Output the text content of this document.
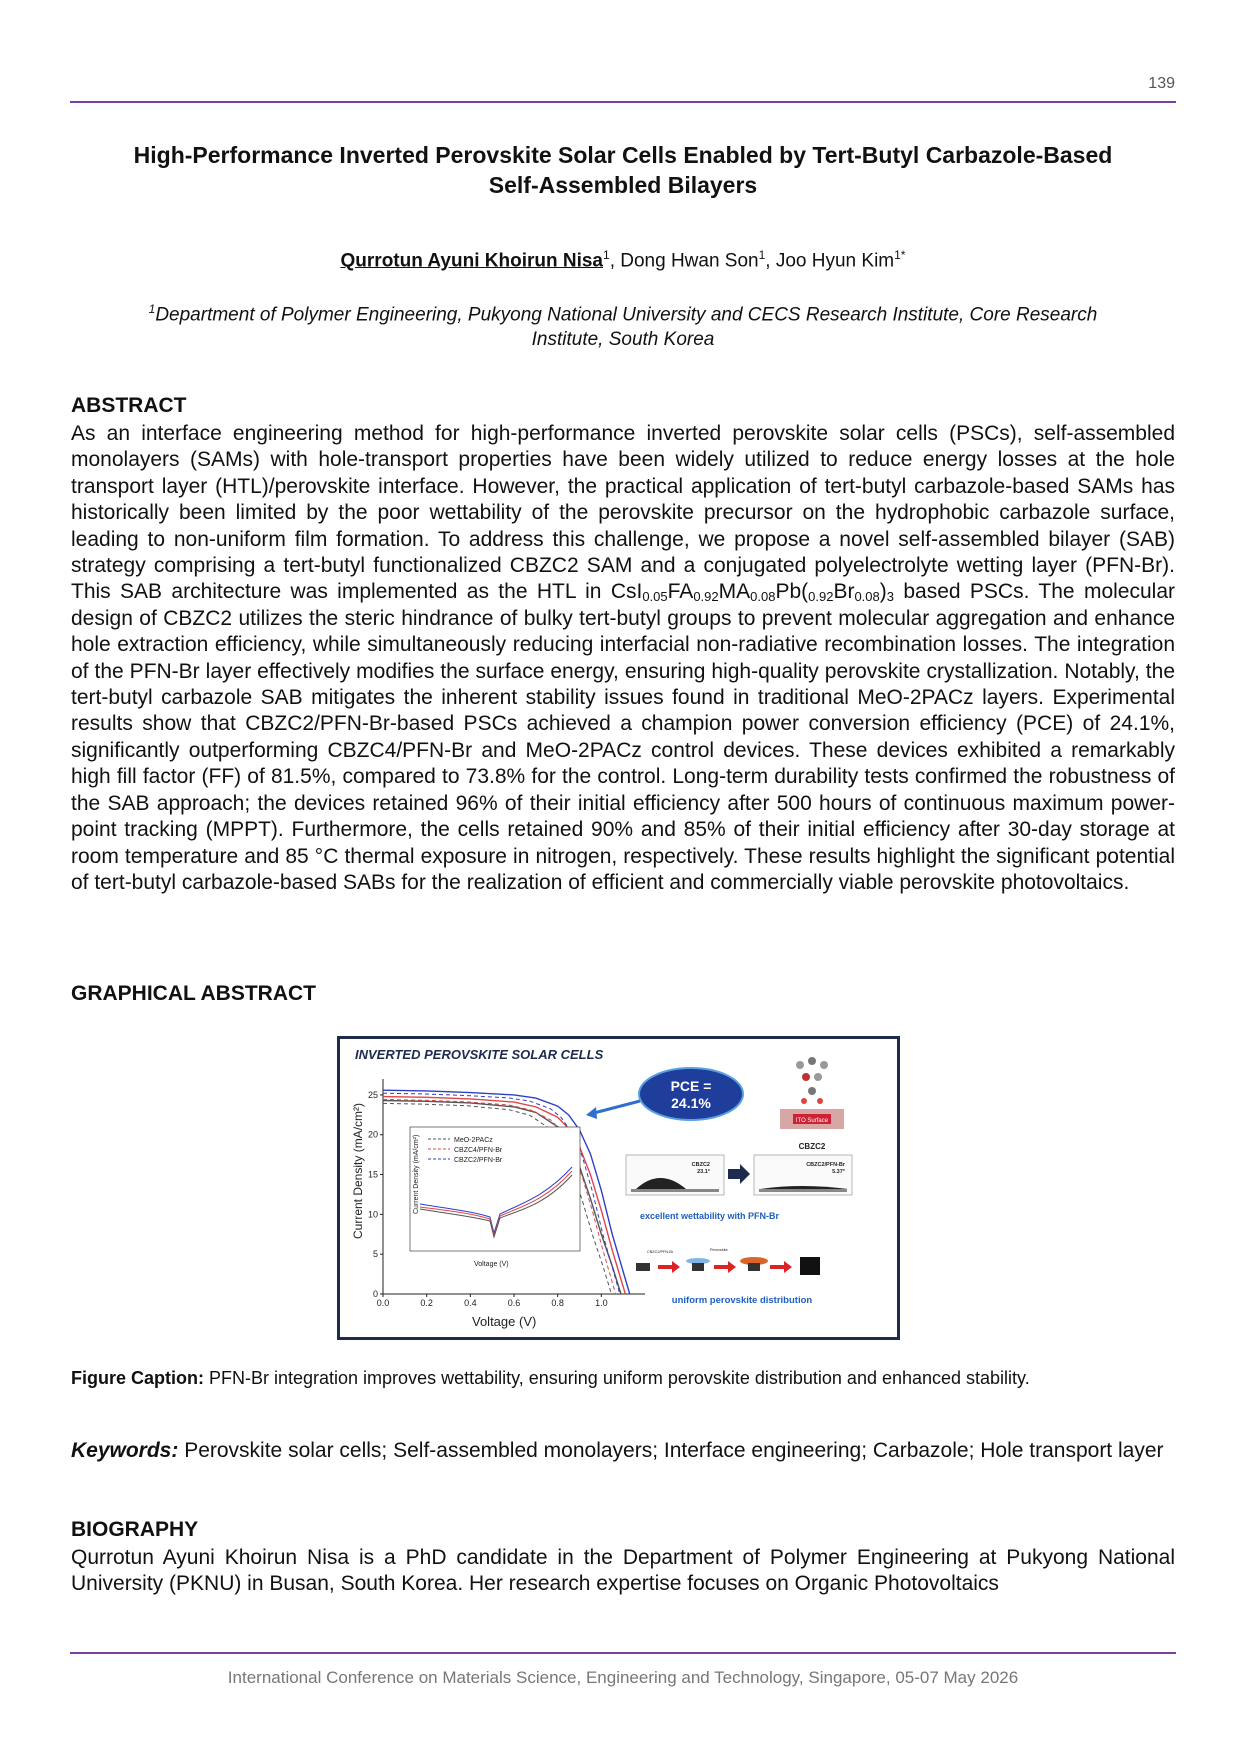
139
High-Performance Inverted Perovskite Solar Cells Enabled by Tert-Butyl Carbazole-Based
Self-Assembled Bilayers
Qurrotun Ayuni Khoirun Nisa$^1$, Dong Hwan Son$^1$, Joo Hyun Kim$^{1*}$
$^1$Department of Polymer Engineering, Pukyong National University and CECS Research Institute, Core Research
Institute, South Korea
ABSTRACT
As an interface engineering method for high-performance inverted perovskite solar cells (PSCs), self-assembled monolayers (SAMs) with hole-transport properties have been widely utilized to reduce energy losses at the hole transport layer (HTL)/perovskite interface. However, the practical application of tert-butyl carbazole-based SAMs has historically been limited by the poor wettability of the perovskite precursor on the hydrophobic carbazole surface, leading to non-uniform film formation. To address this challenge, we propose a novel self-assembled bilayer (SAB) strategy comprising a tert-butyl functionalized CBZC2 SAM and a conjugated polyelectrolyte wetting layer (PFN-Br). This SAB architecture was implemented as the HTL in $CsI_{0.05}FA_{0.92}MA_{0.08}Pb(_{0.92}Br_{0.08})_3$ based PSCs. The molecular design of CBZC2 utilizes the steric hindrance of bulky tert-butyl groups to prevent molecular aggregation and enhance hole extraction efficiency, while simultaneously reducing interfacial non-radiative recombination losses. The integration of the PFN-Br layer effectively modifies the surface energy, ensuring high-quality perovskite crystallization. Notably, the tert-butyl carbazole SAB mitigates the inherent stability issues found in traditional MeO-2PACz layers. Experimental results show that CBZC2/PFN-Br-based PSCs achieved a champion power conversion efficiency (PCE) of 24.1%, significantly outperforming CBZC4/PFN-Br and MeO-2PACz control devices. These devices exhibited a remarkably high fill factor (FF) of 81.5%, compared to 73.8% for the control. Long-term durability tests confirmed the robustness of the SAB approach; the devices retained 96% of their initial efficiency after 500 hours of continuous maximum power-point tracking (MPPT). Furthermore, the cells retained 90% and 85% of their initial efficiency after 30-day storage at room temperature and 85 °C thermal exposure in nitrogen, respectively. These results highlight the significant potential of tert-butyl carbazole-based SABs for the realization of efficient and commercially viable perovskite photovoltaics.
GRAPHICAL ABSTRACT
INVERTED PEROVSKITE SOLAR CELLS
Current Density (mA/cm²)
Voltage (V)
0.0	0.2	0.4	0.6	0.8	1.0
0
5
10
15
20
25
MeO-2PACz
CBZC4/PFN-Br
CBZC2/PFN-Br
Voltage (V)
Current Density (mA/cm²)
PCE =
24.1%
ITO Surface
CBZC2
CBZC2
23.1°
CBZC2/PFN-Br
5.37°
excellent wettability with PFN-Br
CBZC2/PFN-Br	Perovskite
uniform perovskite distribution
Figure Caption: PFN-Br integration improves wettability, ensuring uniform perovskite distribution and enhanced stability.
Keywords: Perovskite solar cells; Self-assembled monolayers; Interface engineering; Carbazole; Hole transport layer
BIOGRAPHY
Qurrotun Ayuni Khoirun Nisa is a PhD candidate in the Department of Polymer Engineering at Pukyong National University (PKNU) in Busan, South Korea. Her research expertise focuses on Organic Photovoltaics
International Conference on Materials Science, Engineering and Technology, Singapore, 05-07 May 2026
